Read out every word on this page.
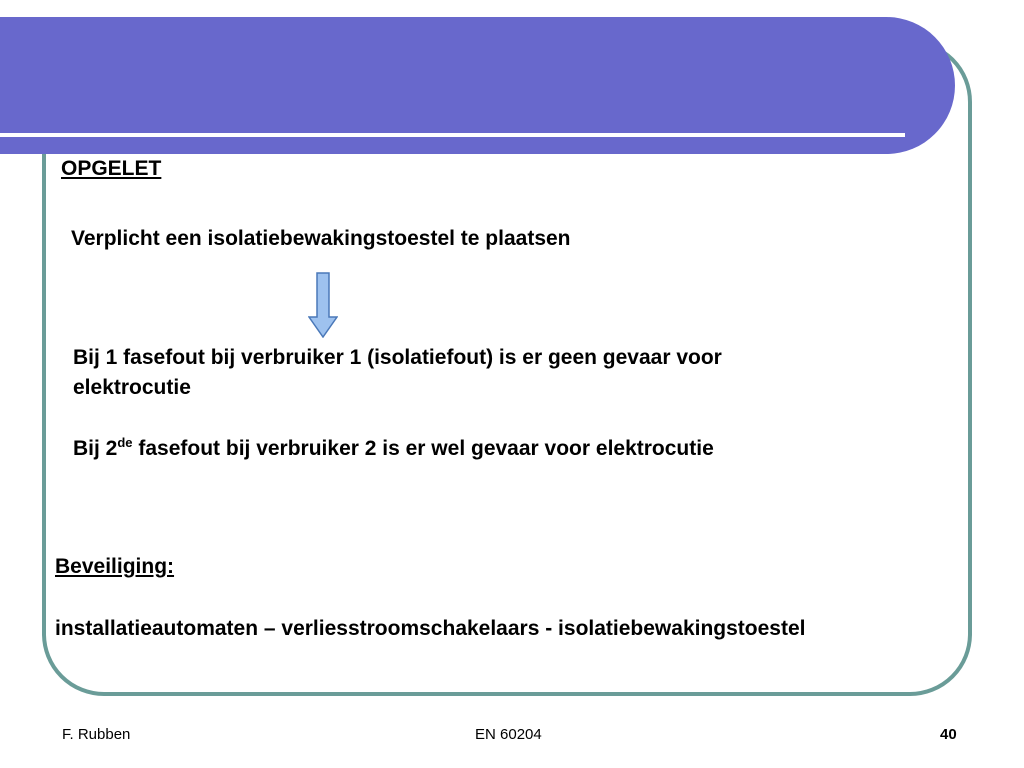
OPGELET
Verplicht een isolatiebewakingstoestel te plaatsen
Bij 1 fasefout bij verbruiker 1 (isolatiefout) is er geen gevaar voor
elektrocutie
Bij 2de fasefout bij verbruiker 2 is er wel gevaar voor elektrocutie
Beveiliging:
installatieautomaten – verliesstroomschakelaars - isolatiebewakingstoestel
F. Rubben	EN 60204	40
